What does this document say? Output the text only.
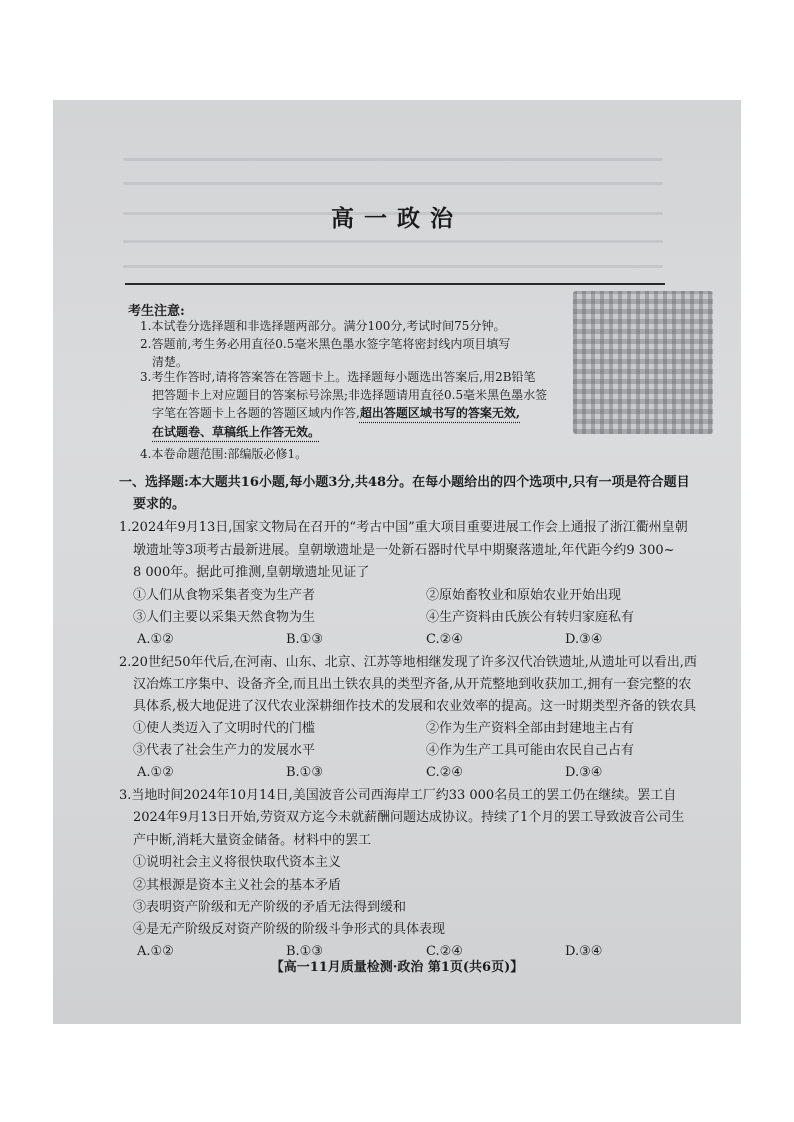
高一政治
考生注意:
1.本试卷分选择题和非选择题两部分。满分100分,考试时间75分钟。
2.答题前,考生务必用直径0.5毫米黑色墨水签字笔将密封线内项目填写
清楚。
3.考生作答时,请将答案答在答题卡上。选择题每小题选出答案后,用2B铅笔
把答题卡上对应题目的答案标号涂黑;非选择题请用直径0.5毫米黑色墨水签
字笔在答题卡上各题的答题区域内作答,超出答题区域书写的答案无效,
在试题卷、草稿纸上作答无效。
4.本卷命题范围:部编版必修1。
一、选择题:本大题共16小题,每小题3分,共48分。在每小题给出的四个选项中,只有一项是符合题目
要求的。
1.2024年9月13日,国家文物局在召开的“考古中国”重大项目重要进展工作会上通报了浙江衢州皇朝
墩遗址等3项考古最新进展。皇朝墩遗址是一处新石器时代早中期聚落遗址,年代距今约9 300~
8 000年。据此可推测,皇朝墩遗址见证了
①人们从食物采集者变为生产者	②原始畜牧业和原始农业开始出现
③人们主要以采集天然食物为生	④生产资料由氏族公有转归家庭私有
A.①②	B.①③	C.②④	D.③④
2.20世纪50年代后,在河南、山东、北京、江苏等地相继发现了许多汉代冶铁遗址,从遗址可以看出,西
汉冶炼工序集中、设备齐全,而且出土铁农具的类型齐备,从开荒整地到收获加工,拥有一套完整的农
具体系,极大地促进了汉代农业深耕细作技术的发展和农业效率的提高。这一时期类型齐备的铁农具
①使人类迈入了文明时代的门槛	②作为生产资料全部由封建地主占有
③代表了社会生产力的发展水平	④作为生产工具可能由农民自己占有
A.①②	B.①③	C.②④	D.③④
3.当地时间2024年10月14日,美国波音公司西海岸工厂约33 000名员工的罢工仍在继续。罢工自
2024年9月13日开始,劳资双方迄今未就薪酬问题达成协议。持续了1个月的罢工导致波音公司生
产中断,消耗大量资金储备。材料中的罢工
①说明社会主义将很快取代资本主义
②其根源是资本主义社会的基本矛盾
③表明资产阶级和无产阶级的矛盾无法得到缓和
④是无产阶级反对资产阶级的阶级斗争形式的具体表现
A.①②	B.①③	C.②④	D.③④
【高一11月质量检测·政治 第1页(共6页)】
